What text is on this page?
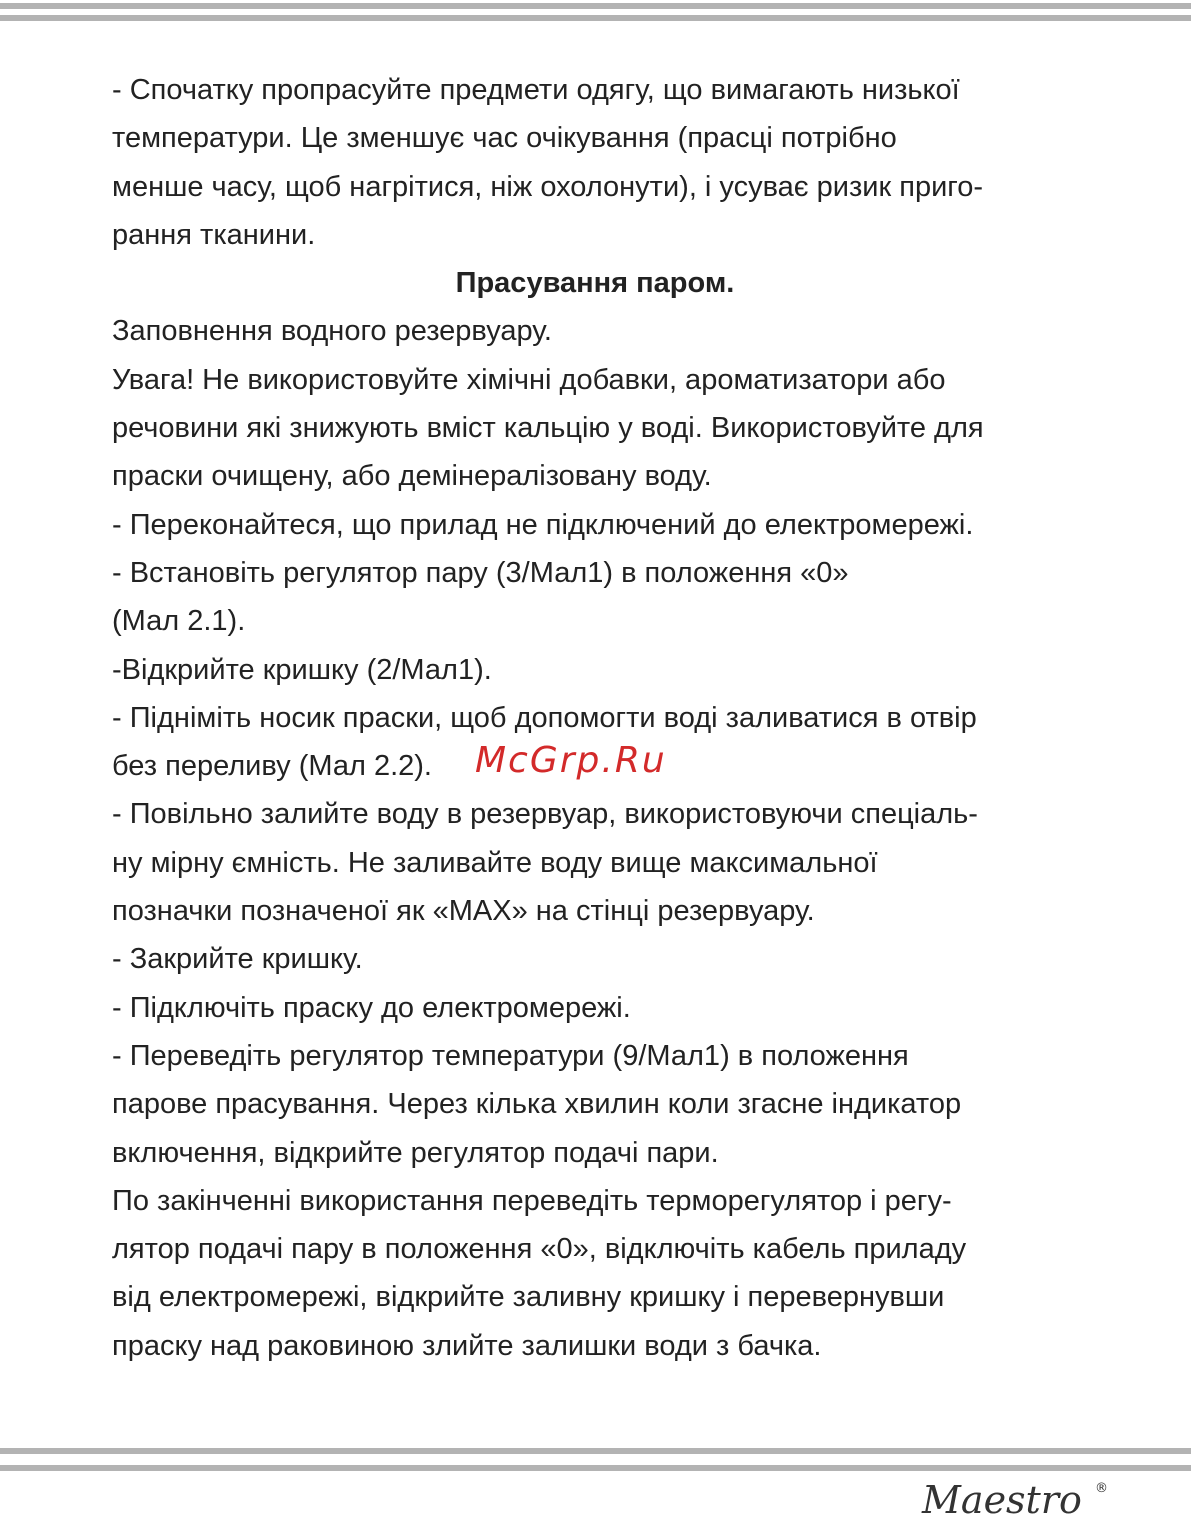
- Спочатку пропрасуйте предмети одягу, що вимагають низької
температури. Це зменшує час очікування (прасці потрібно
менше часу, щоб нагрітися, ніж охолонути), і усуває ризик приго-
рання тканини.
Прасування паром.
Заповнення водного резервуару.
Увага! Не використовуйте хімічні добавки, ароматизатори або
речовини які знижують вміст кальцію у воді. Використовуйте для
праски очищену, або демінералізовану воду.
- Переконайтеся, що прилад не підключений до електромережі.
- Встановіть регулятор пару (3/Мал1) в положення «0»
(Мал 2.1).
-Відкрийте кришку (2/Мал1).
- Підніміть носик праски, щоб допомогти воді заливатися в отвір
без переливу (Мал 2.2).
- Повільно залийте воду в резервуар, використовуючи спеціаль-
ну мірну ємність. Не заливайте воду вище максимальної
позначки позначеної як «MAX» на стінці резервуару.
- Закрийте кришку.
- Підключіть праску до електромережі.
- Переведіть регулятор температури (9/Мал1) в положення
парове прасування. Через кілька хвилин коли згасне індикатор
включення, відкрийте регулятор подачі пари.
По закінченні використання переведіть терморегулятор і регу-
лятор подачі пару в положення «0», відключіть кабель приладу
від електромережі, відкрийте заливну кришку і перевернувши
праску над раковиною злийте залишки води з бачка.
McGrp.Ru
Maestro ®
